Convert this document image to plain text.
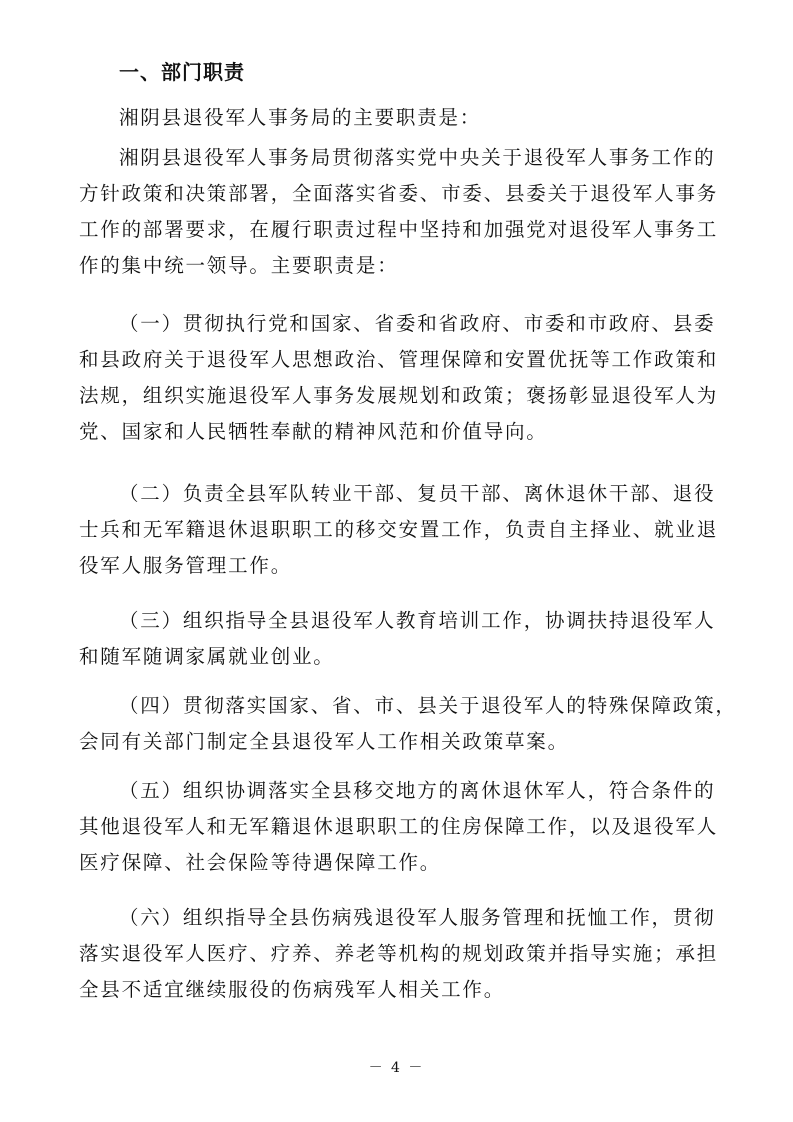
一、部门职责
湘阴县退役军人事务局的主要职责是：
湘阴县退役军人事务局贯彻落实党中央关于退役军人事务工作的
方针政策和决策部署，全面落实省委、市委、县委关于退役军人事务
工作的部署要求，在履行职责过程中坚持和加强党对退役军人事务工
作的集中统一领导。主要职责是：
（一）贯彻执行党和国家、省委和省政府、市委和市政府、县委
和县政府关于退役军人思想政治、管理保障和安置优抚等工作政策和
法规，组织实施退役军人事务发展规划和政策；褒扬彰显退役军人为
党、国家和人民牺牲奉献的精神风范和价值导向。
（二）负责全县军队转业干部、复员干部、离休退休干部、退役
士兵和无军籍退休退职职工的移交安置工作，负责自主择业、就业退
役军人服务管理工作。
（三）组织指导全县退役军人教育培训工作，协调扶持退役军人
和随军随调家属就业创业。
（四）贯彻落实国家、省、市、县关于退役军人的特殊保障政策，
会同有关部门制定全县退役军人工作相关政策草案。
（五）组织协调落实全县移交地方的离休退休军人，符合条件的
其他退役军人和无军籍退休退职职工的住房保障工作，以及退役军人
医疗保障、社会保险等待遇保障工作。
（六）组织指导全县伤病残退役军人服务管理和抚恤工作，贯彻
落实退役军人医疗、疗养、养老等机构的规划政策并指导实施；承担
全县不适宜继续服役的伤病残军人相关工作。
－ 4 －
